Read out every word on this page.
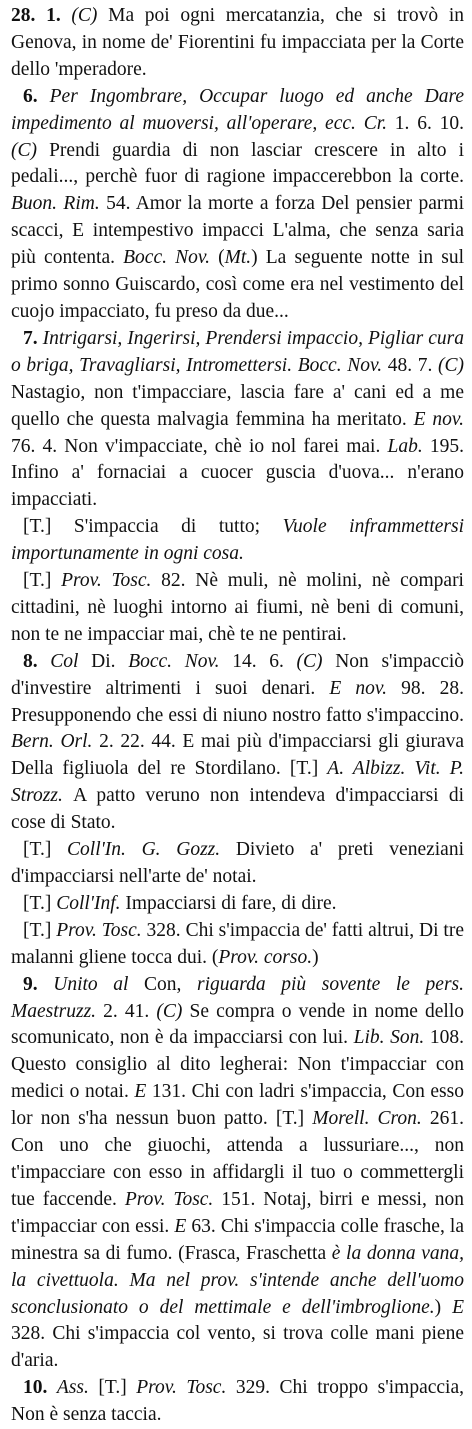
28. 1. (C) Ma poi ogni mercatanzia, che si trovò in Genova, in nome de' Fiorentini fu impacciata per la Corte dello 'mperadore.

6. Per Ingombrare, Occupar luogo ed anche Dare impedimento al muoversi, all'operare, ecc. Cr. 1. 6. 10. (C) Prendi guardia di non lasciar crescere in alto i pedali..., perchè fuor di ragione impaccerebbon la corte. Buon. Rim. 54. Amor la morte a forza Del pensier parmi scacci, E intempestivo impacci L'alma, che senza saria più contenta. Bocc. Nov. (Mt.) La seguente notte in sul primo sonno Guiscardo, così come era nel vestimento del cuojo impacciato, fu preso da due...

7. Intrigarsi, Ingerirsi, Prendersi impaccio, Pigliar cura o briga, Travagliarsi, Intromettersi. Bocc. Nov. 48. 7. (C) Nastagio, non t'impacciare, lascia fare a' cani ed a me quello che questa malvagia femmina ha meritato. E nov. 76. 4. Non v'impacciate, chè io nol farei mai. Lab. 195. Infino a' fornaciai a cuocer guscia d'uova... n'erano impacciati.

[T.] S'impaccia di tutto; Vuole inframmettersi importunamente in ogni cosa.

[T.] Prov. Tosc. 82. Nè muli, nè molini, nè compari cittadini, nè luoghi intorno ai fiumi, nè beni di comuni, non te ne impacciar mai, chè te ne pentirai.

8. Col Di. Bocc. Nov. 14. 6. (C) Non s'impacciò d'investire altrimenti i suoi denari. E nov. 98. 28. Presupponendo che essi di niuno nostro fatto s'impaccino. Bern. Orl. 2. 22. 44. E mai più d'impacciarsi gli giurava Della figliuola del re Stordilano. [T.] A. Albizz. Vit. P. Strozz. A patto veruno non intendeva d'impacciarsi di cose di Stato.

[T.] Coll'In. G. Gozz. Divieto a' preti veneziani d'impacciarsi nell'arte de' notai.

[T.] Coll'Inf. Impacciarsi di fare, di dire.

[T.] Prov. Tosc. 328. Chi s'impaccia de' fatti altrui, Di tre malanni gliene tocca dui. (Prov. corso.)

9. Unito al Con, riguarda più sovente le pers. Maestruzz. 2. 41. (C) Se compra o vende in nome dello scomunicato, non è da impacciarsi con lui. Lib. Son. 108. Questo consiglio al dito legherai: Non t'impacciar con medici o notai. E 131. Chi con ladri s'impaccia, Con esso lor non s'ha nessun buon patto. [T.] Morell. Cron. 261. Con uno che giuochi, attenda a lussuriare..., non t'impacciare con esso in affidargli il tuo o commettergli tue faccende. Prov. Tosc. 151. Notaj, birri e messi, non t'impacciar con essi. E 63. Chi s'impaccia colle frasche, la minestra sa di fumo. (Frasca, Fraschetta è la donna vana, la civettuola. Ma nel prov. s'intende anche dell'uomo sconclusionato o del mettimale e dell'imbroglione.) E 328. Chi s'impaccia col vento, si trova colle mani piene d'aria.

10. Ass. [T.] Prov. Tosc. 329. Chi troppo s'impaccia, Non è senza taccia.
